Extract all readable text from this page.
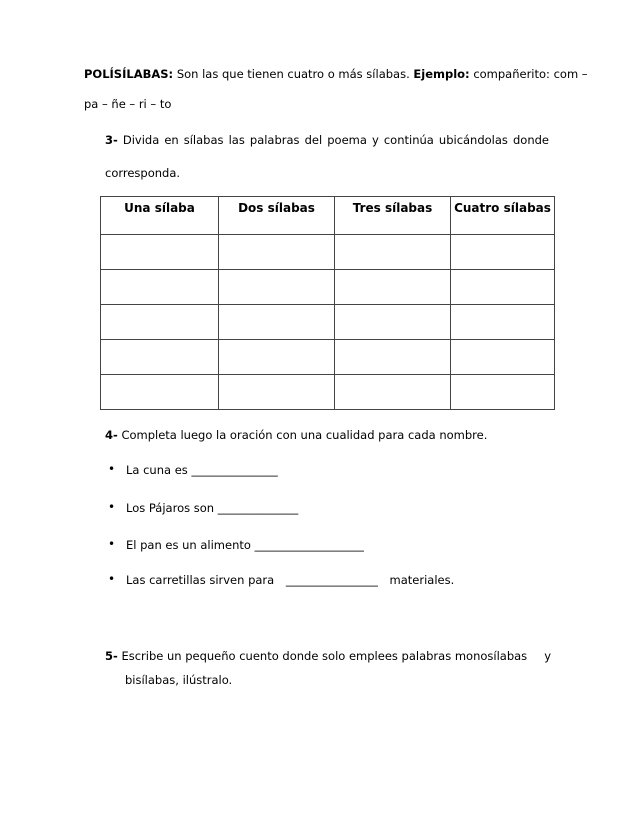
POLÍSÍLABAS: Son las que tienen cuatro o más sílabas. Ejemplo: compañerito: com –
pa – ñe – ri – to
3- Divida en sílabas las palabras del poema y continúa ubicándolas donde
corresponda.
Una sílaba	Dos sílabas	Tres sílabas	Cuatro sílabas

4- Completa luego la oración con una cualidad para cada nombre.
• La cuna es _______________
• Los Pájaros son ______________
• El pan es un alimento ___________________
• Las carretillas sirven para ________________ materiales.
5- Escribe un pequeño cuento donde solo emplees palabras monosílabas y
bisílabas, ilústralo.
